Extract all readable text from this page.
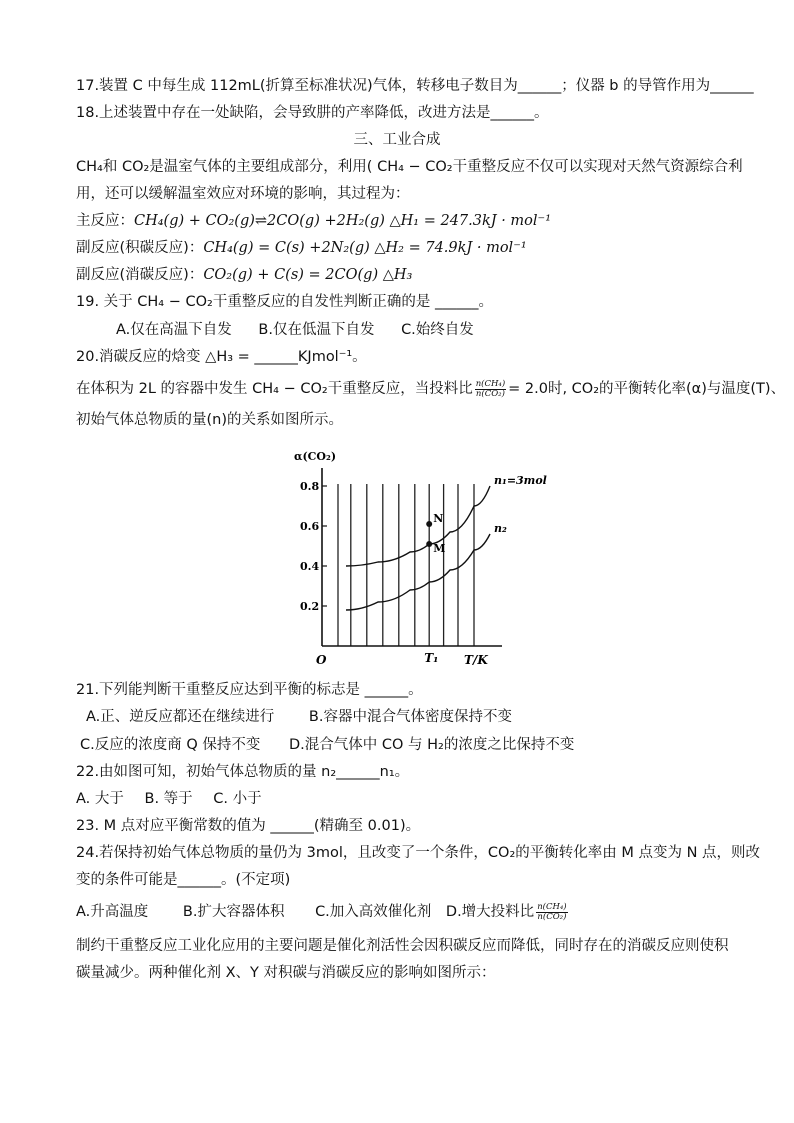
17.装置 C 中每生成 112mL(折算至标准状况)气体，转移电子数目为______；仪器 b 的导管作用为______
18.上述装置中存在一处缺陷，会导致肼的产率降低，改进方法是______。
三、工业合成
CH₄和 CO₂是温室气体的主要组成部分，利用( CH₄ − CO₂干重整反应不仅可以实现对天然气资源综合利
用，还可以缓解温室效应对环境的影响，其过程为：
主反应：CH₄(g) + CO₂(g)⇌2CO(g) +2H₂(g) △H₁ = 247.3kJ · mol⁻¹
副反应(积碳反应)：CH₄(g) = C(s) +2N₂(g) △H₂ = 74.9kJ · mol⁻¹
副反应(消碳反应)：CO₂(g) + C(s) = 2CO(g) △H₃
19. 关于 CH₄ − CO₂干重整反应的自发性判断正确的是 ______。
A.仅在高温下自发 B.仅在低温下自发 C.始终自发
20.消碳反应的焓变 △H₃ = ______KJmol⁻¹。
在体积为 2L 的容器中发生 CH₄ − CO₂干重整反应，当投料比 $\frac{\text{n(CH₄)}}{\text{n(CO₂)}} = 2.0$时, CO₂的平衡转化率(α)与温度(T)、
初始气体总物质的量(n)的关系如图所示。
0.2
0.4
0.6
0.8
T₁
n₁=3mol
n₂
N
M
α(CO₂)
T/K
O
21.下列能判断干重整反应达到平衡的标志是 ______。
A.正、逆反应都还在继续进行 B.容器中混合气体密度保持不变
C.反应的浓度商 Q 保持不变 D.混合气体中 CO 与 H₂的浓度之比保持不变
22.由如图可知，初始气体总物质的量 n₂______n₁。
A. 大于 B. 等于 C. 小于
23. M 点对应平衡常数的值为 ______(精确至 0.01)。
24.若保持初始气体总物质的量仍为 3mol，且改变了一个条件，CO₂的平衡转化率由 M 点变为 N 点，则改
变的条件可能是______。(不定项)
A.升高温度 B.扩大容器体积 C.加入高效催化剂 D.增大投料比 $\frac{\text{n(CH₄)}}{\text{n(CO₂)}}$
制约干重整反应工业化应用的主要问题是催化剂活性会因积碳反应而降低，同时存在的消碳反应则使积
碳量减少。两种催化剂 X、Y 对积碳与消碳反应的影响如图所示：
